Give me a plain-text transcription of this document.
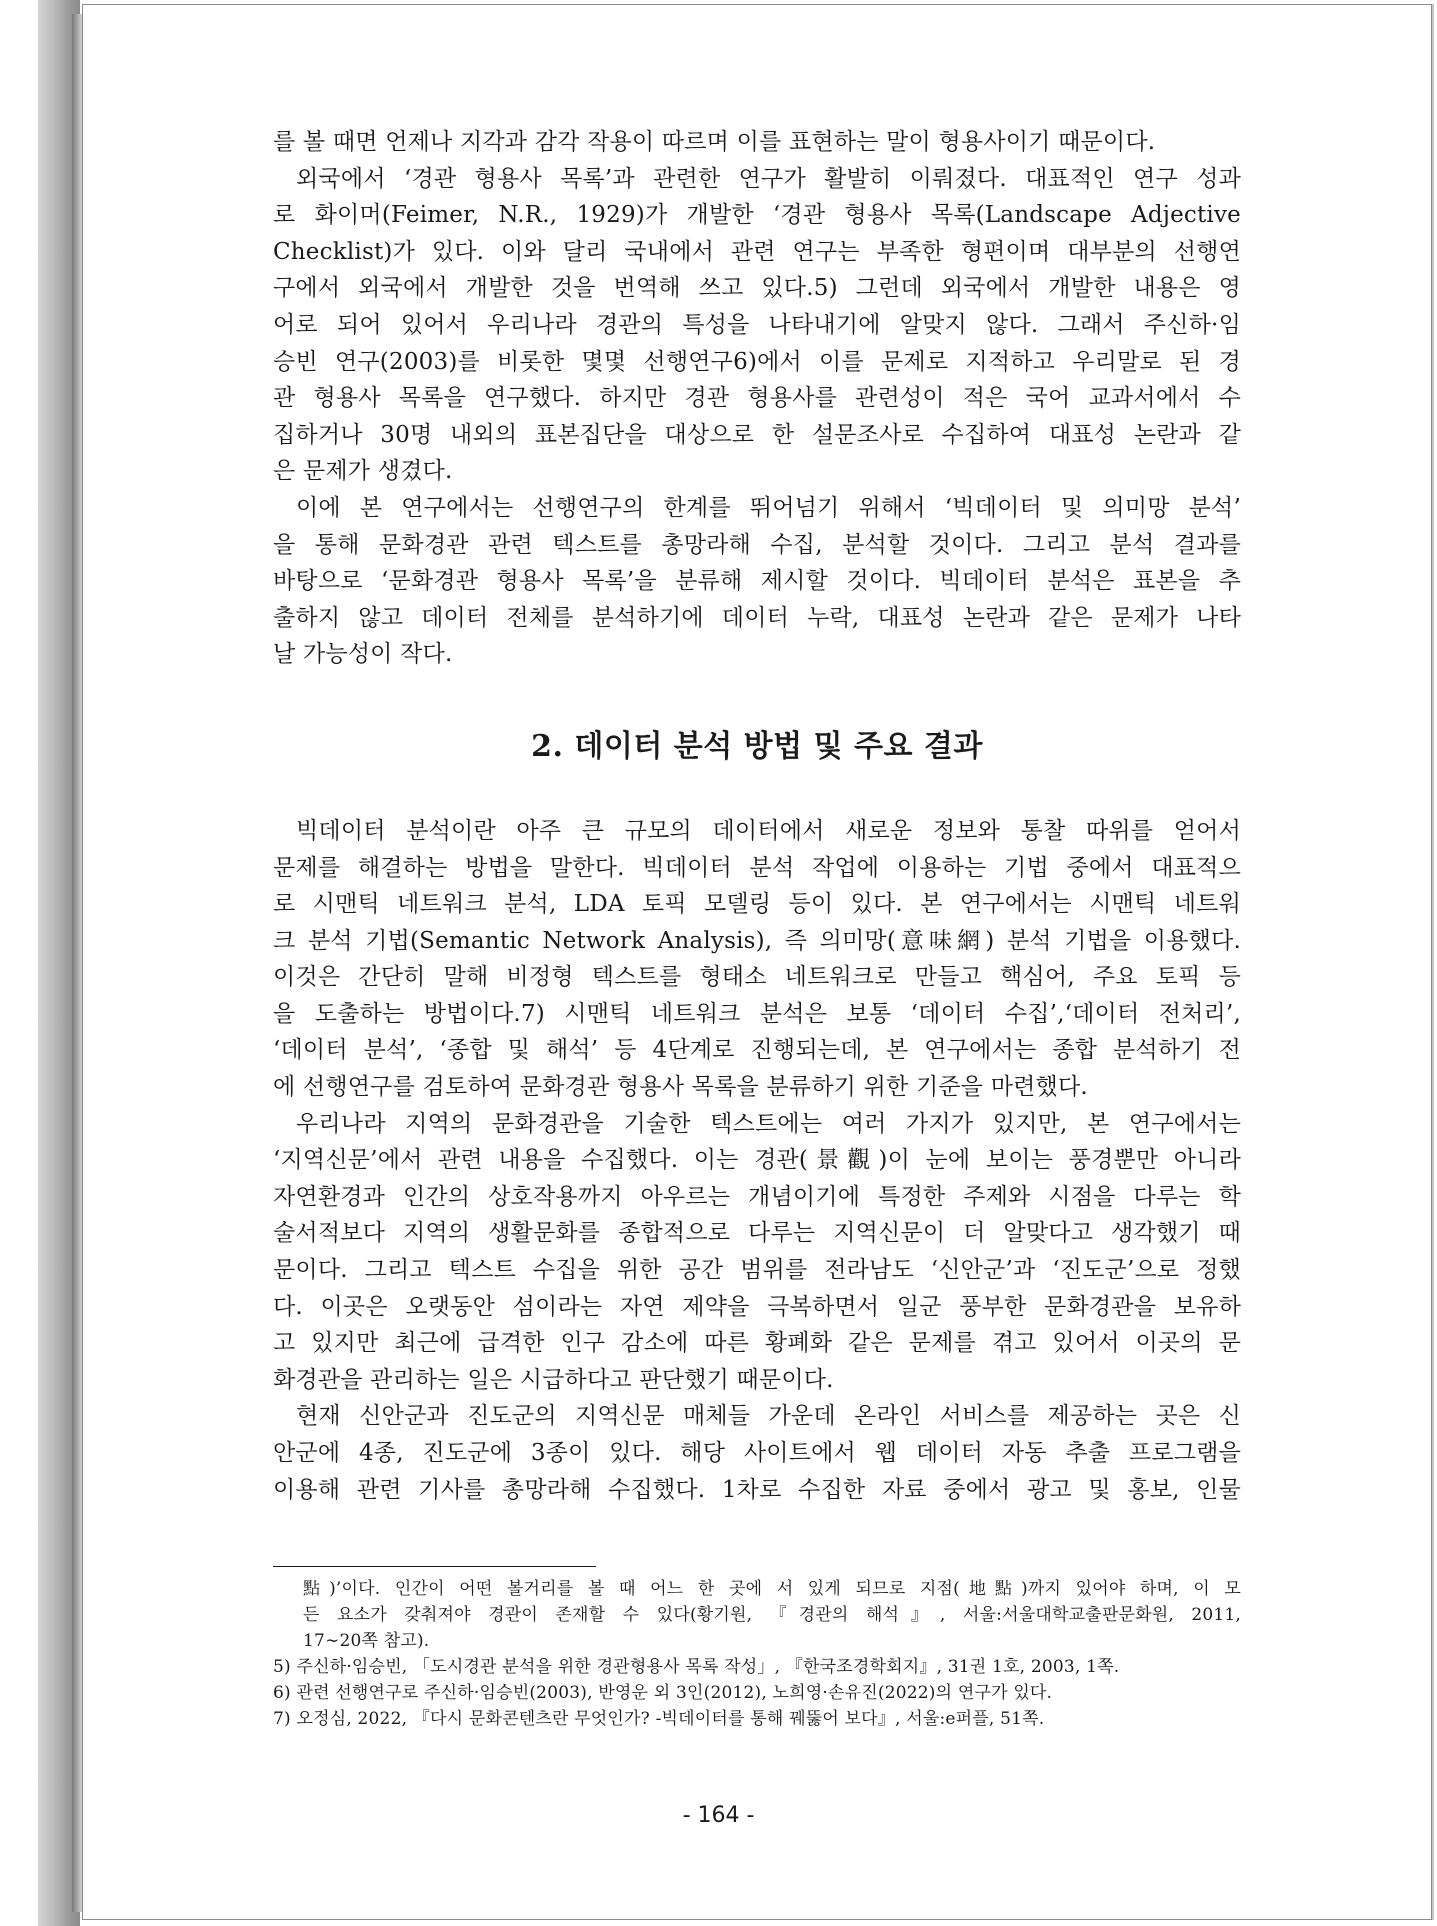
를 볼 때면 언제나 지각과 감각 작용이 따르며 이를 표현하는 말이 형용사이기 때문이다.

외국에서 ‘경관 형용사 목록’과 관련한 연구가 활발히 이뤄졌다. 대표적인 연구 성과

로 화이머(Feimer, N.R., 1929)가 개발한 ‘경관 형용사 목록(Landscape Adjective

Checklist)가 있다. 이와 달리 국내에서 관련 연구는 부족한 형편이며 대부분의 선행연

구에서 외국에서 개발한 것을 번역해 쓰고 있다.5) 그런데 외국에서 개발한 내용은 영

어로 되어 있어서 우리나라 경관의 특성을 나타내기에 알맞지 않다. 그래서 주신하·임

승빈 연구(2003)를 비롯한 몇몇 선행연구6)에서 이를 문제로 지적하고 우리말로 된 경

관 형용사 목록을 연구했다. 하지만 경관 형용사를 관련성이 적은 국어 교과서에서 수

집하거나 30명 내외의 표본집단을 대상으로 한 설문조사로 수집하여 대표성 논란과 같

은 문제가 생겼다.

이에 본 연구에서는 선행연구의 한계를 뛰어넘기 위해서 ‘빅데이터 및 의미망 분석’

을 통해 문화경관 관련 텍스트를 총망라해 수집, 분석할 것이다. 그리고 분석 결과를

바탕으로 ‘문화경관 형용사 목록’을 분류해 제시할 것이다. 빅데이터 분석은 표본을 추

출하지 않고 데이터 전체를 분석하기에 데이터 누락, 대표성 논란과 같은 문제가 나타

날 가능성이 작다.

2. 데이터 분석 방법 및 주요 결과

빅데이터 분석이란 아주 큰 규모의 데이터에서 새로운 정보와 통찰 따위를 얻어서

문제를 해결하는 방법을 말한다. 빅데이터 분석 작업에 이용하는 기법 중에서 대표적으

로 시맨틱 네트워크 분석, LDA 토픽 모델링 등이 있다. 본 연구에서는 시맨틱 네트워

크 분석 기법(Semantic Network Analysis), 즉 의미망(意味網) 분석 기법을 이용했다.

이것은 간단히 말해 비정형 텍스트를 형태소 네트워크로 만들고 핵심어, 주요 토픽 등

을 도출하는 방법이다.7) 시맨틱 네트워크 분석은 보통 ‘데이터 수집’,‘데이터 전처리’,

‘데이터 분석’, ‘종합 및 해석’ 등 4단계로 진행되는데, 본 연구에서는 종합 분석하기 전

에 선행연구를 검토하여 문화경관 형용사 목록을 분류하기 위한 기준을 마련했다.

우리나라 지역의 문화경관을 기술한 텍스트에는 여러 가지가 있지만, 본 연구에서는

‘지역신문’에서 관련 내용을 수집했다. 이는 경관(景觀)이 눈에 보이는 풍경뿐만 아니라

자연환경과 인간의 상호작용까지 아우르는 개념이기에 특정한 주제와 시점을 다루는 학

술서적보다 지역의 생활문화를 종합적으로 다루는 지역신문이 더 알맞다고 생각했기 때

문이다. 그리고 텍스트 수집을 위한 공간 범위를 전라남도 ‘신안군’과 ‘진도군’으로 정했

다. 이곳은 오랫동안 섬이라는 자연 제약을 극복하면서 일군 풍부한 문화경관을 보유하

고 있지만 최근에 급격한 인구 감소에 따른 황폐화 같은 문제를 겪고 있어서 이곳의 문

화경관을 관리하는 일은 시급하다고 판단했기 때문이다.

현재 신안군과 진도군의 지역신문 매체들 가운데 온라인 서비스를 제공하는 곳은 신

안군에 4종, 진도군에 3종이 있다. 해당 사이트에서 웹 데이터 자동 추출 프로그램을

이용해 관련 기사를 총망라해 수집했다. 1차로 수집한 자료 중에서 광고 및 홍보, 인물

點)’이다. 인간이 어떤 볼거리를 볼 때 어느 한 곳에 서 있게 되므로 지점(地點)까지 있어야 하며, 이 모

든 요소가 갖춰져야 경관이 존재할 수 있다(황기원, 『경관의 해석』, 서울:서울대학교출판문화원, 2011,

17∼20쪽 참고).

5) 주신하·임승빈, 「도시경관 분석을 위한 경관형용사 목록 작성」, 『한국조경학회지』, 31권 1호, 2003, 1쪽.

6) 관련 선행연구로 주신하·임승빈(2003), 반영운 외 3인(2012), 노희영·손유진(2022)의 연구가 있다.

7) 오정심, 2022, 『다시 문화콘텐츠란 무엇인가? -빅데이터를 통해 꿰뚫어 보다』, 서울:e퍼플, 51쪽.

- 164 -
